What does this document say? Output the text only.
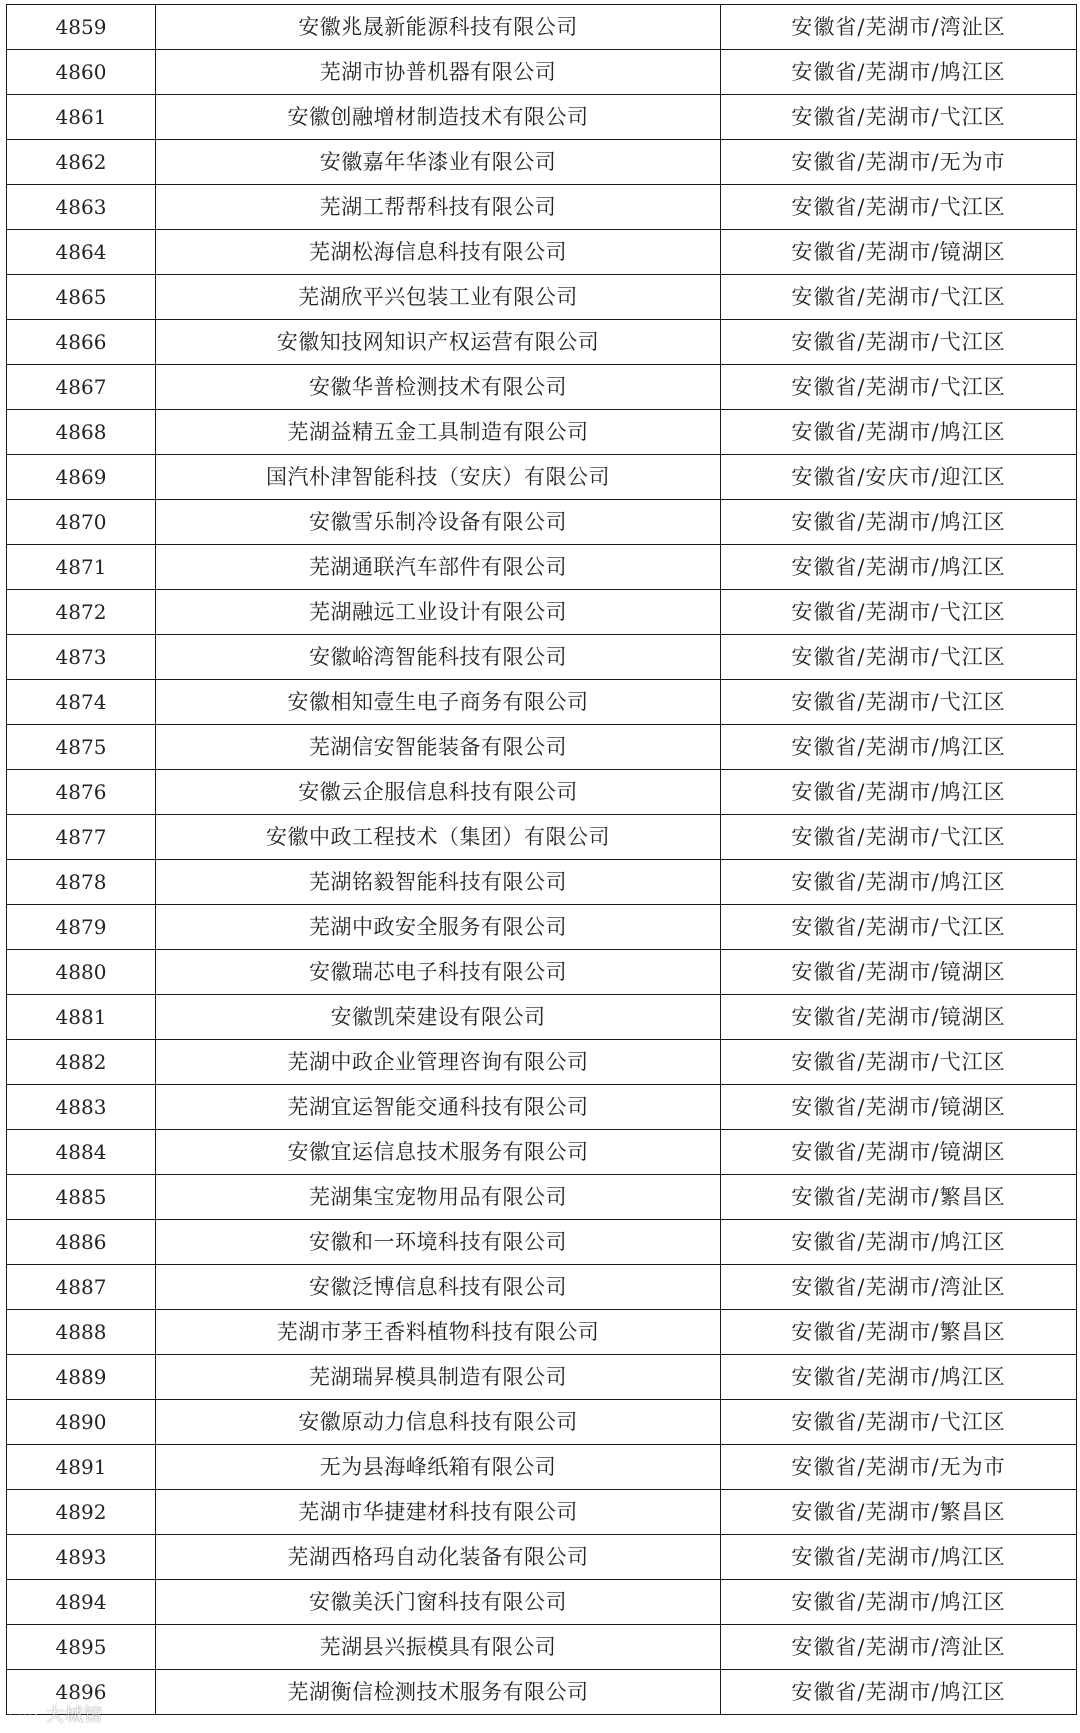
4859	安徽兆晟新能源科技有限公司	安徽省/芜湖市/湾沚区
4860	芜湖市协普机器有限公司	安徽省/芜湖市/鸠江区
4861	安徽创融增材制造技术有限公司	安徽省/芜湖市/弋江区
4862	安徽嘉年华漆业有限公司	安徽省/芜湖市/无为市
4863	芜湖工帮帮科技有限公司	安徽省/芜湖市/弋江区
4864	芜湖松海信息科技有限公司	安徽省/芜湖市/镜湖区
4865	芜湖欣平兴包装工业有限公司	安徽省/芜湖市/弋江区
4866	安徽知技网知识产权运营有限公司	安徽省/芜湖市/弋江区
4867	安徽华普检测技术有限公司	安徽省/芜湖市/弋江区
4868	芜湖益精五金工具制造有限公司	安徽省/芜湖市/鸠江区
4869	国汽朴津智能科技（安庆）有限公司	安徽省/安庆市/迎江区
4870	安徽雪乐制冷设备有限公司	安徽省/芜湖市/鸠江区
4871	芜湖通联汽车部件有限公司	安徽省/芜湖市/鸠江区
4872	芜湖融远工业设计有限公司	安徽省/芜湖市/弋江区
4873	安徽峪湾智能科技有限公司	安徽省/芜湖市/弋江区
4874	安徽相知壹生电子商务有限公司	安徽省/芜湖市/弋江区
4875	芜湖信安智能装备有限公司	安徽省/芜湖市/鸠江区
4876	安徽云企服信息科技有限公司	安徽省/芜湖市/鸠江区
4877	安徽中政工程技术（集团）有限公司	安徽省/芜湖市/弋江区
4878	芜湖铭毅智能科技有限公司	安徽省/芜湖市/鸠江区
4879	芜湖中政安全服务有限公司	安徽省/芜湖市/弋江区
4880	安徽瑞芯电子科技有限公司	安徽省/芜湖市/镜湖区
4881	安徽凯荣建设有限公司	安徽省/芜湖市/镜湖区
4882	芜湖中政企业管理咨询有限公司	安徽省/芜湖市/弋江区
4883	芜湖宜运智能交通科技有限公司	安徽省/芜湖市/镜湖区
4884	安徽宜运信息技术服务有限公司	安徽省/芜湖市/镜湖区
4885	芜湖集宝宠物用品有限公司	安徽省/芜湖市/繁昌区
4886	安徽和一环境科技有限公司	安徽省/芜湖市/鸠江区
4887	安徽泛博信息科技有限公司	安徽省/芜湖市/湾沚区
4888	芜湖市茅王香料植物科技有限公司	安徽省/芜湖市/繁昌区
4889	芜湖瑞昇模具制造有限公司	安徽省/芜湖市/鸠江区
4890	安徽原动力信息科技有限公司	安徽省/芜湖市/弋江区
4891	无为县海峰纸箱有限公司	安徽省/芜湖市/无为市
4892	芜湖市华捷建材科技有限公司	安徽省/芜湖市/繁昌区
4893	芜湖西格玛自动化装备有限公司	安徽省/芜湖市/鸠江区
4894	安徽美沃门窗科技有限公司	安徽省/芜湖市/鸠江区
4895	芜湖县兴振模具有限公司	安徽省/芜湖市/湾沚区
4896	芜湖衡信检测技术服务有限公司	安徽省/芜湖市/鸠江区
大城馆
